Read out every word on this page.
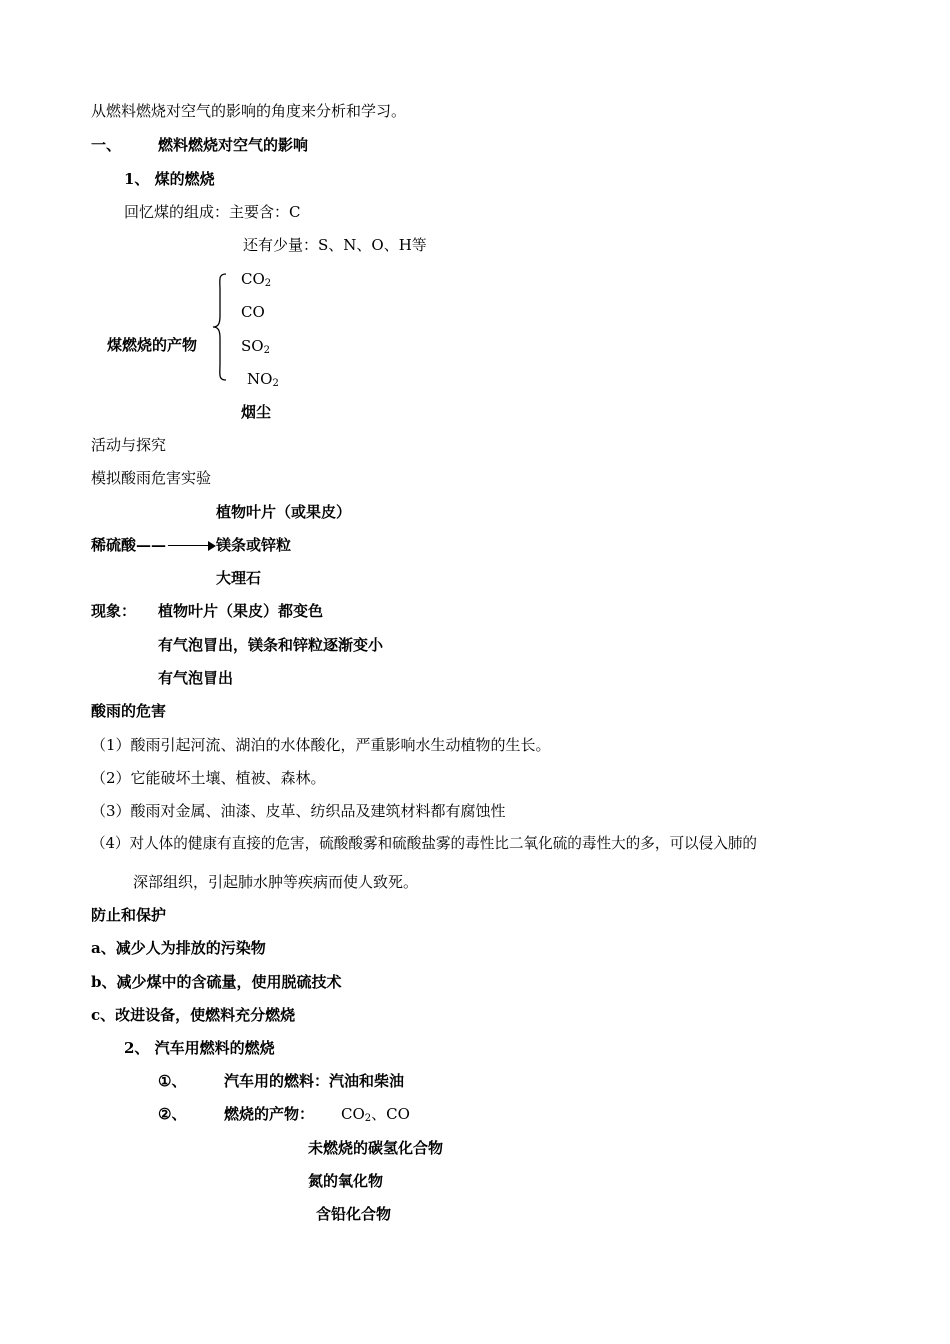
从燃料燃烧对空气的影响的角度来分析和学习。
一、 燃料燃烧对空气的影响
1、 煤的燃烧
回忆煤的组成：主要含：C
还有少量：S、N、O、H等
煤燃烧的产物
$CO_2$
CO
$SO_2$
$NO_2$
烟尘
活动与探究
模拟酸雨危害实验
植物叶片（或果皮）
稀硫酸——	镁条或锌粒
大理石
现象： 植物叶片（果皮）都变色
有气泡冒出，镁条和锌粒逐渐变小
有气泡冒出
酸雨的危害
（1）酸雨引起河流、湖泊的水体酸化，严重影响水生动植物的生长。
（2）它能破坏土壤、植被、森林。
（3）酸雨对金属、油漆、皮革、纺织品及建筑材料都有腐蚀性
（4）对人体的健康有直接的危害，硫酸酸雾和硫酸盐雾的毒性比二氧化硫的毒性大的多，可以侵入肺的
深部组织，引起肺水肿等疾病而使人致死。
防止和保护
a、减少人为排放的污染物
b、减少煤中的含硫量，使用脱硫技术
c、改进设备，使燃料充分燃烧
2、 汽车用燃料的燃烧
①、	汽车用的燃料：汽油和柴油
②、	燃烧的产物： $CO_2$、CO
未燃烧的碳氢化合物
氮的氧化物
含铅化合物
